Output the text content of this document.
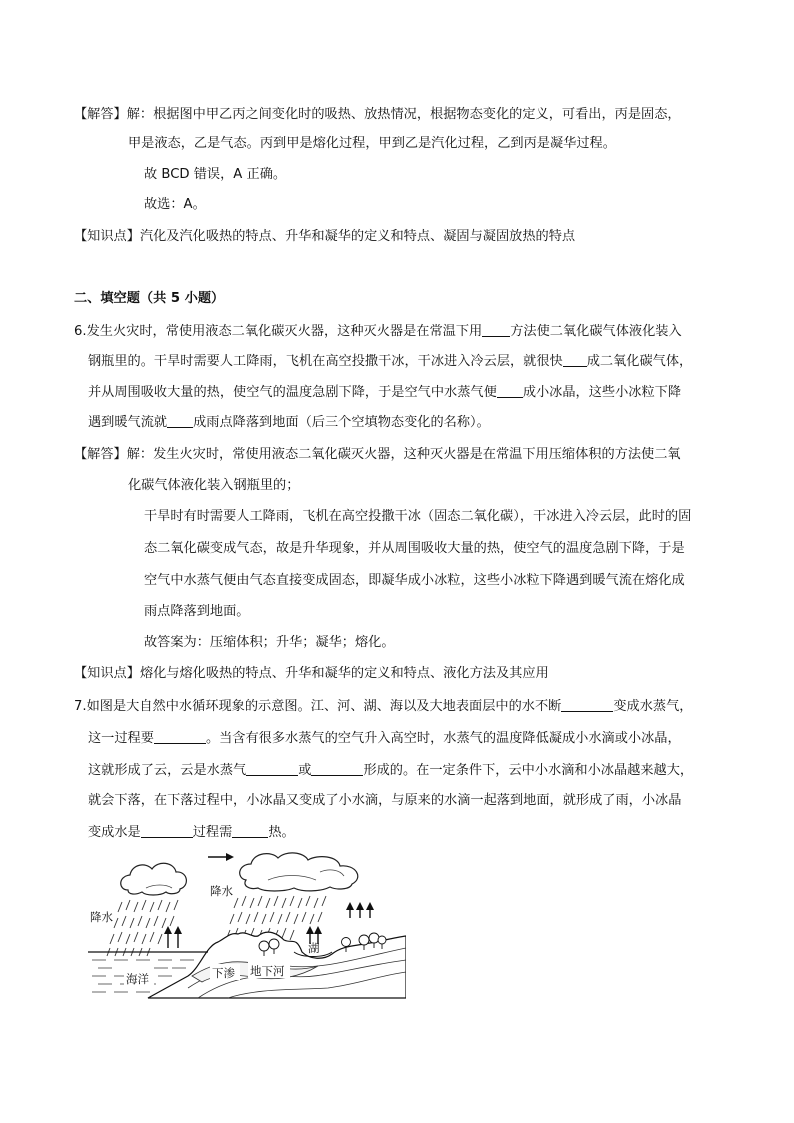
【解答】解：根据图中甲乙丙之间变化时的吸热、放热情况，根据物态变化的定义，可看出，丙是固态，
甲是液态，乙是气态。丙到甲是熔化过程，甲到乙是汽化过程，乙到丙是凝华过程。
故 BCD 错误，A 正确。
故选：A。
【知识点】汽化及汽化吸热的特点、升华和凝华的定义和特点、凝固与凝固放热的特点
二、填空题（共 5 小题）
6.发生火灾时，常使用液态二氧化碳灭火器，这种灭火器是在常温下用 方法使二氧化碳气体液化装入
钢瓶里的。干旱时需要人工降雨，飞机在高空投撒干冰，干冰进入冷云层，就很快 成二氧化碳气体，
并从周围吸收大量的热，使空气的温度急剧下降，于是空气中水蒸气便 成小冰晶，这些小冰粒下降
遇到暖气流就 成雨点降落到地面（后三个空填物态变化的名称）。
【解答】解：发生火灾时，常使用液态二氧化碳灭火器，这种灭火器是在常温下用压缩体积的方法使二氧
化碳气体液化装入钢瓶里的；
干旱时有时需要人工降雨，飞机在高空投撒干冰（固态二氧化碳），干冰进入冷云层，此时的固
态二氧化碳变成气态，故是升华现象，并从周围吸收大量的热，使空气的温度急剧下降，于是
空气中水蒸气便由气态直接变成固态，即凝华成小冰粒，这些小冰粒下降遇到暖气流在熔化成
雨点降落到地面。
故答案为：压缩体积；升华；凝华；熔化。
【知识点】熔化与熔化吸热的特点、升华和凝华的定义和特点、液化方法及其应用
7.如图是大自然中水循环现象的示意图。江、河、湖、海以及大地表面层中的水不断	变成水蒸气，
这一过程要	。当含有很多水蒸气的空气升入高空时，水蒸气的温度降低凝成小水滴或小冰晶，
这就形成了云，云是水蒸气	或	形成的。在一定条件下，云中小水滴和小冰晶越来越大，
就会下落，在下落过程中，小冰晶又变成了小水滴，与原来的水滴一起落到地面，就形成了雨，小冰晶
变成水是	过程需	热。
降水
降水
海洋	下渗 地下河
湖
